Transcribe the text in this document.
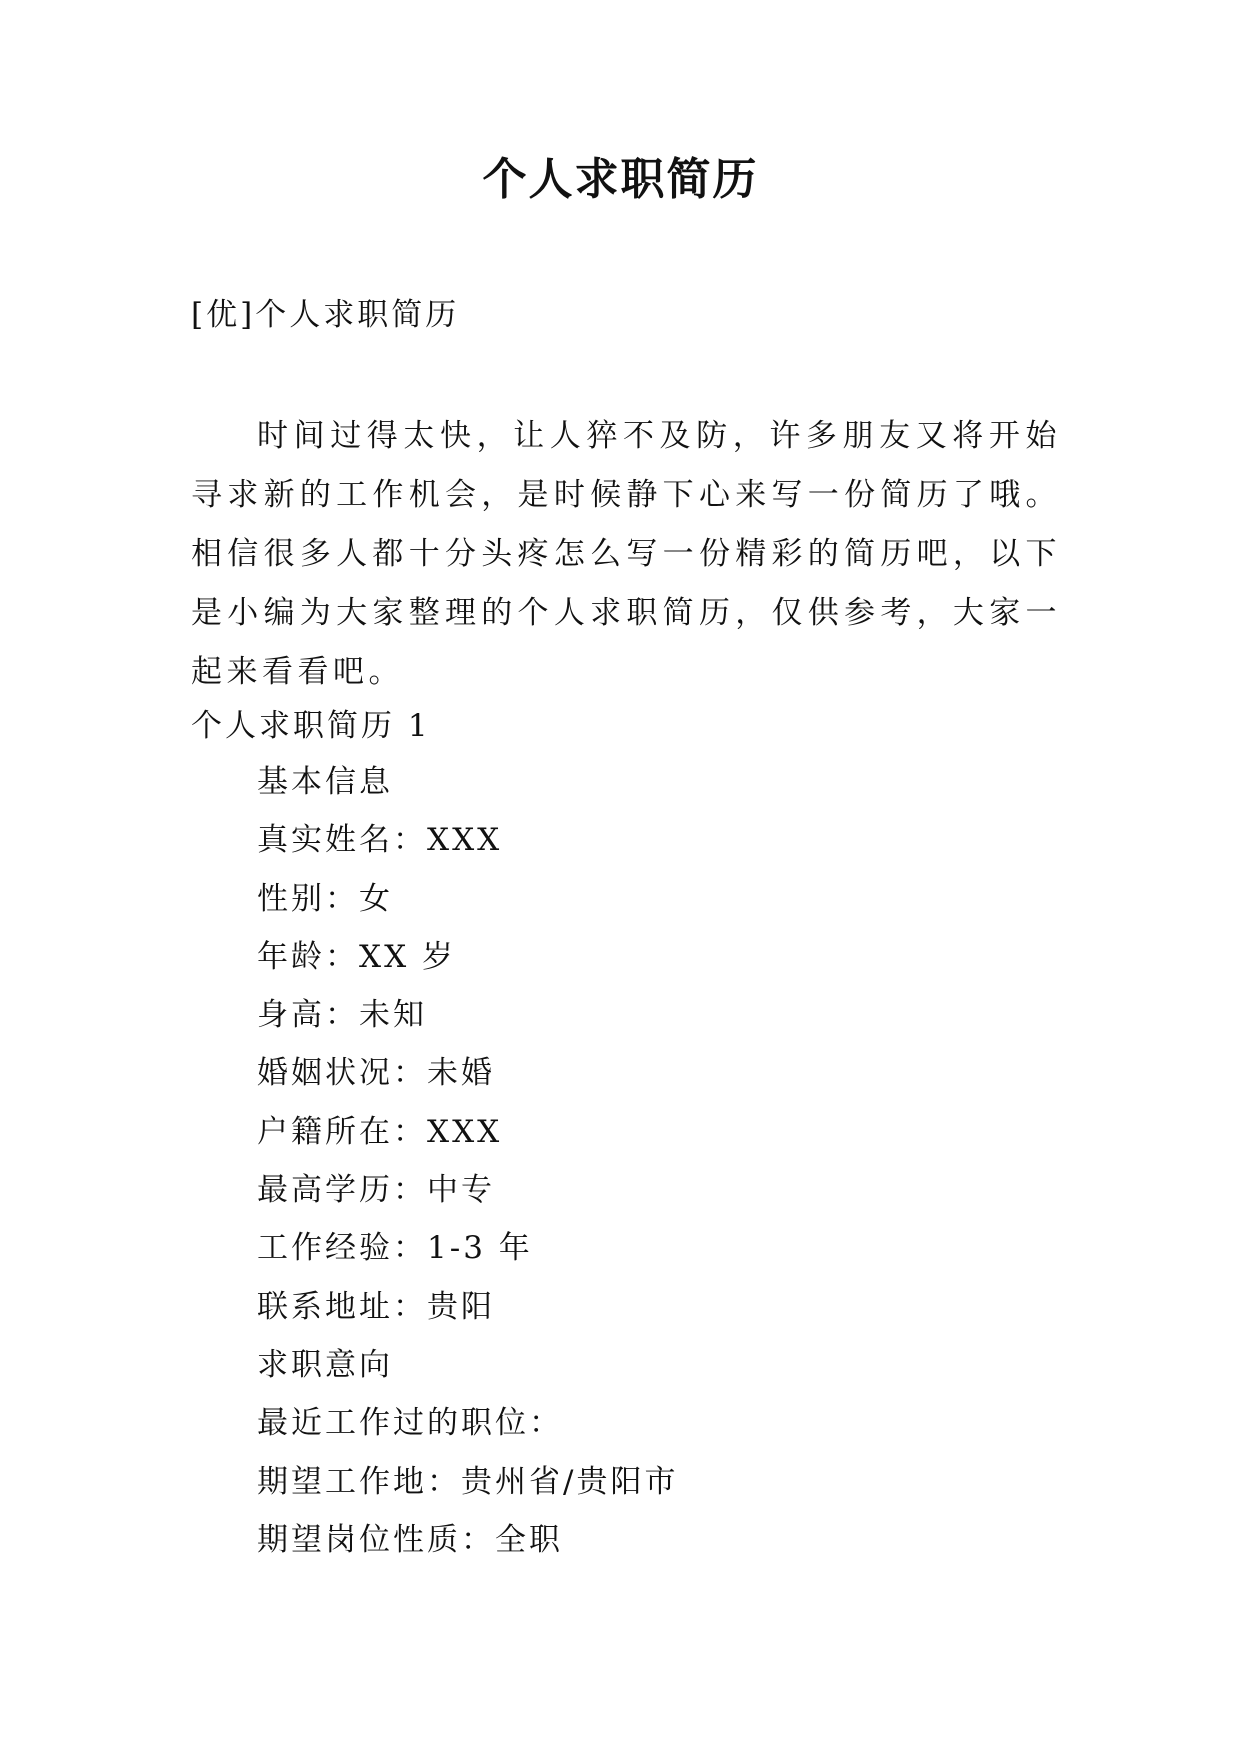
个人求职简历
[优]个人求职简历

时间过得太快，让人猝不及防，许多朋友又将开始寻求新的工作机会，是时候静下心来写一份简历了哦。相信很多人都十分头疼怎么写一份精彩的简历吧，以下是小编为大家整理的个人求职简历，仅供参考，大家一起来看看吧。

个人求职简历 1
基本信息
真实姓名：XXX
性别：女
年龄：XX 岁
身高：未知
婚姻状况：未婚
户籍所在：XXX
最高学历：中专
工作经验：1-3 年
联系地址：贵阳
求职意向
最近工作过的职位：
期望工作地：贵州省/贵阳市
期望岗位性质：全职
